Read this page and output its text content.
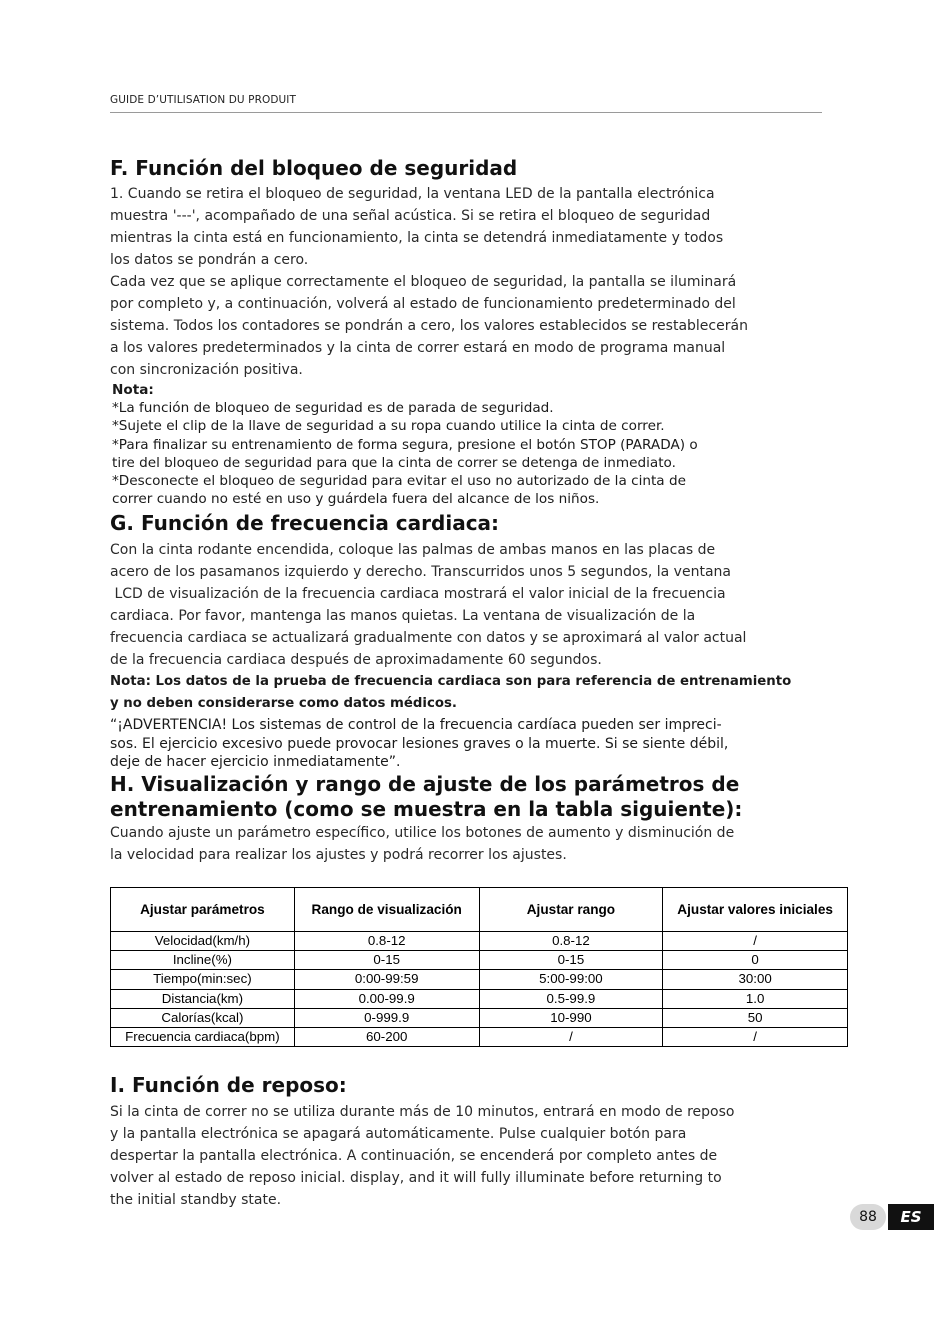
GUIDE D’UTILISATION DU PRODUIT
F. Función del bloqueo de seguridad
1. Cuando se retira el bloqueo de seguridad, la ventana LED de la pantalla electrónica
muestra '---', acompañado de una señal acústica. Si se retira el bloqueo de seguridad
mientras la cinta está en funcionamiento, la cinta se detendrá inmediatamente y todos
los datos se pondrán a cero.
Cada vez que se aplique correctamente el bloqueo de seguridad, la pantalla se iluminará
por completo y, a continuación, volverá al estado de funcionamiento predeterminado del
sistema. Todos los contadores se pondrán a cero, los valores establecidos se restablecerán
a los valores predeterminados y la cinta de correr estará en modo de programa manual
con sincronización positiva.
Nota:
*La función de bloqueo de seguridad es de parada de seguridad.
*Sujete el clip de la llave de seguridad a su ropa cuando utilice la cinta de correr.
*Para finalizar su entrenamiento de forma segura, presione el botón STOP (PARADA) o
tire del bloqueo de seguridad para que la cinta de correr se detenga de inmediato.
*Desconecte el bloqueo de seguridad para evitar el uso no autorizado de la cinta de
correr cuando no esté en uso y guárdela fuera del alcance de los niños.
G. Función de frecuencia cardiaca:
Con la cinta rodante encendida, coloque las palmas de ambas manos en las placas de
acero de los pasamanos izquierdo y derecho. Transcurridos unos 5 segundos, la ventana
LCD de visualización de la frecuencia cardiaca mostrará el valor inicial de la frecuencia
cardiaca. Por favor, mantenga las manos quietas. La ventana de visualización de la
frecuencia cardiaca se actualizará gradualmente con datos y se aproximará al valor actual
de la frecuencia cardiaca después de aproximadamente 60 segundos.
Nota: Los datos de la prueba de frecuencia cardiaca son para referencia de entrenamiento
y no deben considerarse como datos médicos.
“¡ADVERTENCIA! Los sistemas de control de la frecuencia cardíaca pueden ser impreci-
sos. El ejercicio excesivo puede provocar lesiones graves o la muerte. Si se siente débil,
deje de hacer ejercicio inmediatamente”.
H. Visualización y rango de ajuste de los parámetros de
entrenamiento (como se muestra en la tabla siguiente):
Cuando ajuste un parámetro específico, utilice los botones de aumento y disminución de
la velocidad para realizar los ajustes y podrá recorrer los ajustes.
Ajustar parámetros	Rango de visualización	Ajustar rango	Ajustar valores iniciales
Velocidad(km/h)	0.8-12	0.8-12	/
Incline(%)	0-15	0-15	0
Tiempo(min:sec)	0:00-99:59	5:00-99:00	30:00
Distancia(km)	0.00-99.9	0.5-99.9	1.0
Calorías(kcal)	0-999.9	10-990	50
Frecuencia cardiaca(bpm)	60-200	/	/
I. Función de reposo:
Si la cinta de correr no se utiliza durante más de 10 minutos, entrará en modo de reposo
y la pantalla electrónica se apagará automáticamente. Pulse cualquier botón para
despertar la pantalla electrónica. A continuación, se encenderá por completo antes de
volver al estado de reposo inicial. display, and it will fully illuminate before returning to
the initial standby state.
88	ES
